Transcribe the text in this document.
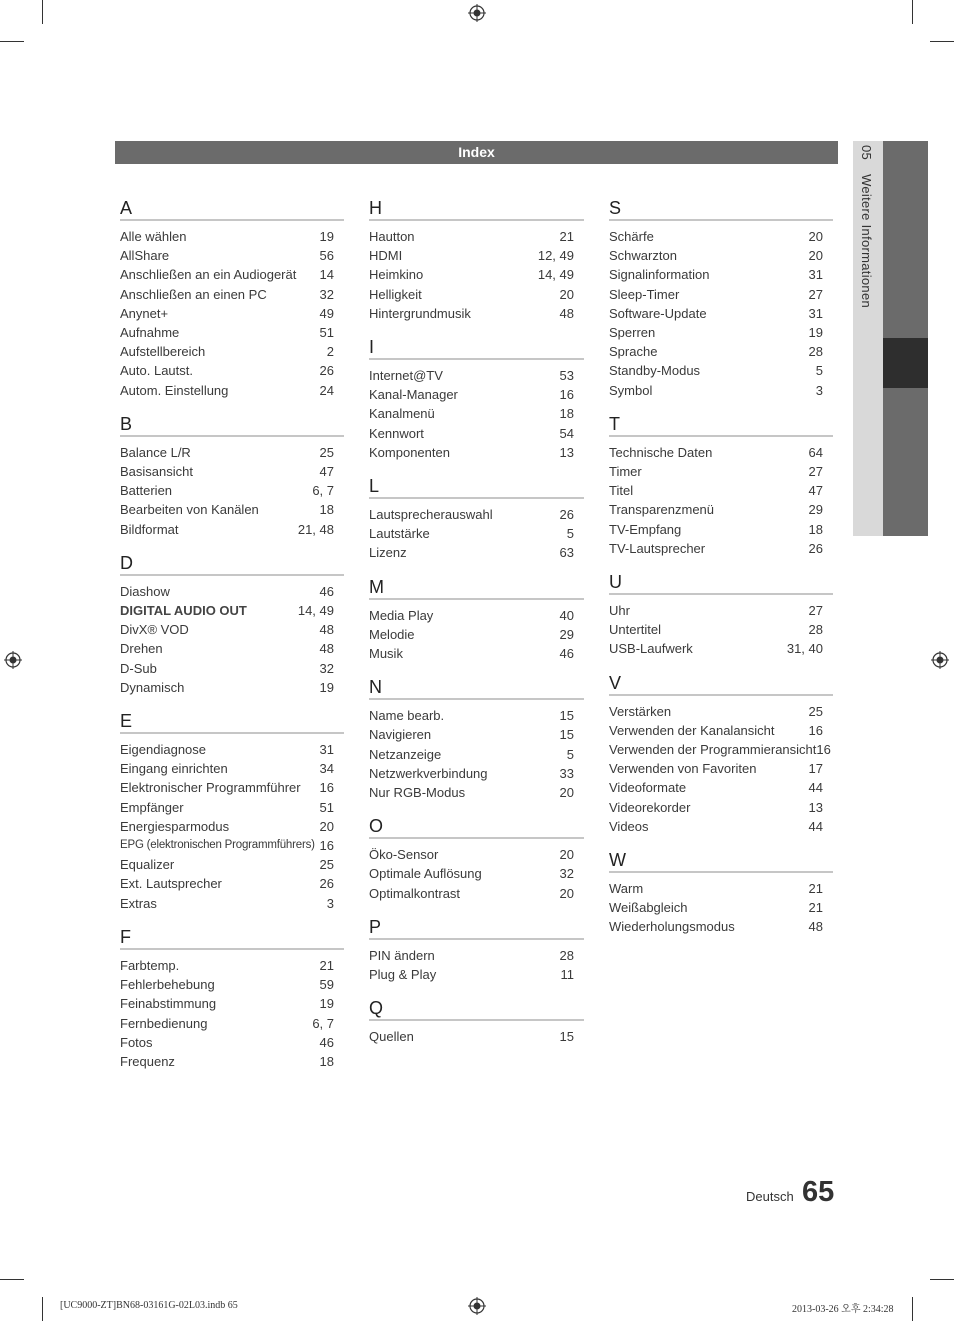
Index	05Weitere Informationen
A
Alle wählen	19
AllShare	56
Anschließen an ein Audiogerät	14
Anschließen an einen PC	32
Anynet+	49
Aufnahme	51
Aufstellbereich	2
Auto. Lautst.	26
Autom. Einstellung	24
B
Balance L/R	25
Basisansicht	47
Batterien	6, 7
Bearbeiten von Kanälen	18
Bildformat	21, 48
D
Diashow	46
DIGITAL AUDIO OUT	14, 49
DivX® VOD	48
Drehen	48
D-Sub	32
Dynamisch	19
E
Eigendiagnose	31
Eingang einrichten	34
Elektronischer Programmführer	16
Empfänger	51
Energiesparmodus	20
EPG (elektronischen Programmführers) 16
Equalizer	25
Ext. Lautsprecher	26
Extras	3
F
Farbtemp.	21
Fehlerbehebung	59
Feinabstimmung	19
Fernbedienung	6, 7
Fotos	46
Frequenz	18
H
Hautton	21
HDMI	12, 49
Heimkino	14, 49
Helligkeit	20
Hintergrundmusik	48
I
Internet@TV	53
Kanal-Manager	16
Kanalmenü	18
Kennwort	54
Komponenten	13
L
Lautsprecherauswahl	26
Lautstärke	5
Lizenz	63
M
Media Play	40
Melodie	29
Musik	46
N
Name bearb.	15
Navigieren	15
Netzanzeige	5
Netzwerkverbindung	33
Nur RGB-Modus	20
O
Öko-Sensor	20
Optimale Auflösung	32
Optimalkontrast	20
P
PIN ändern	28
Plug & Play	11
Q
Quellen	15
S
Schärfe	20
Schwarzton	20
Signalinformation	31
Sleep-Timer	27
Software-Update	31
Sperren	19
Sprache	28
Standby-Modus	5
Symbol	3
T
Technische Daten	64
Timer	27
Titel	47
Transparenzmenü	29
TV-Empfang	18
TV-Lautsprecher	26
U
Uhr	27
Untertitel	28
USB-Laufwerk	31, 40
V
Verstärken	25
Verwenden der Kanalansicht	16
Verwenden der Programmieransicht 16
Verwenden von Favoriten	17
Videoformate	44
Videorekorder	13
Videos	44
W
Warm	21
Weißabgleich	21
Wiederholungsmodus	48
Deutsch 65
[UC9000-ZT]BN68-03161G-02L03.indb 65	2013-03-26 오후 2:34:28
